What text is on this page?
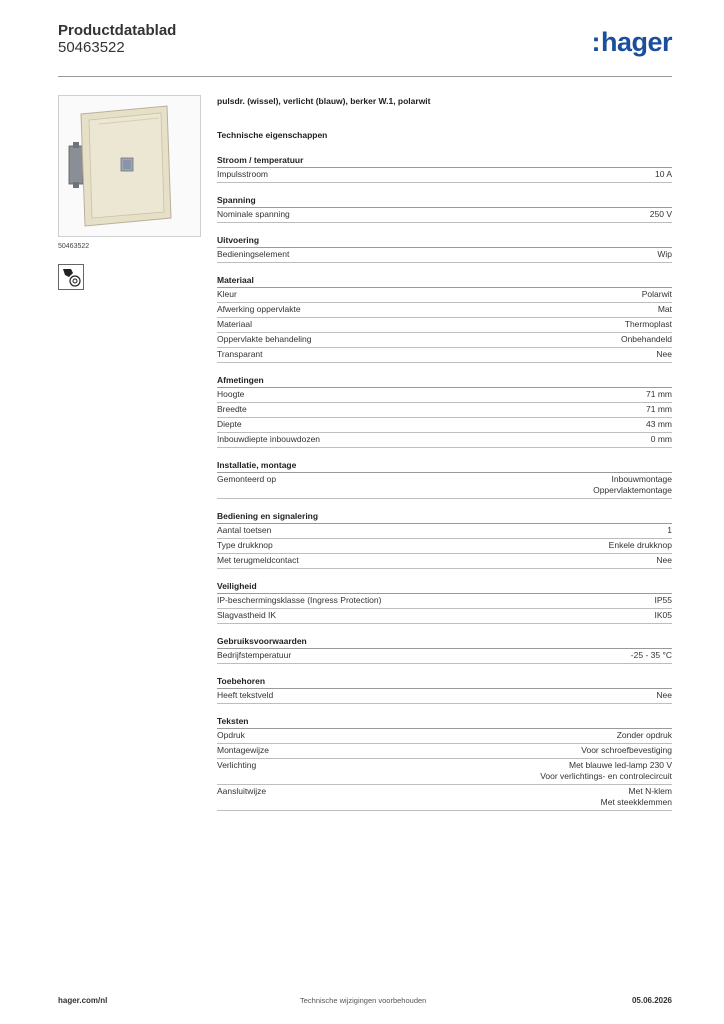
Productdatablad
50463522	:hager
50463522
pulsdr. (wissel), verlicht (blauw), berker W.1, polarwit
Technische eigenschappen
Stroom / temperatuur
Impulsstroom	10 A
Spanning
Nominale spanning	250 V
Uitvoering
Bedieningselement	Wip
Materiaal
Kleur	Polarwit
Afwerking oppervlakte	Mat
Materiaal	Thermoplast
Oppervlakte behandeling	Onbehandeld
Transparant	Nee
Afmetingen
Hoogte	71 mm
Breedte	71 mm
Diepte	43 mm
Inbouwdiepte inbouwdozen	0 mm
Installatie, montage
Gemonteerd op	Inbouwmontage
Oppervlaktemontage
Bediening en signalering
Aantal toetsen	1
Type drukknop	Enkele drukknop
Met terugmeldcontact	Nee
Veiligheid
IP-beschermingsklasse (Ingress Protection)	IP55
Slagvastheid IK	IK05
Gebruiksvoorwaarden
Bedrijfstemperatuur	-25 - 35 °C
Toebehoren
Heeft tekstveld	Nee
Teksten
Opdruk	Zonder opdruk
Montagewijze	Voor schroefbevestiging
Verlichting	Met blauwe led-lamp 230 V
Voor verlichtings- en controlecircuit
Aansluitwijze	Met N-klem
Met steekklemmen
hager.com/nl	Technische wijzigingen voorbehouden	05.06.2026
